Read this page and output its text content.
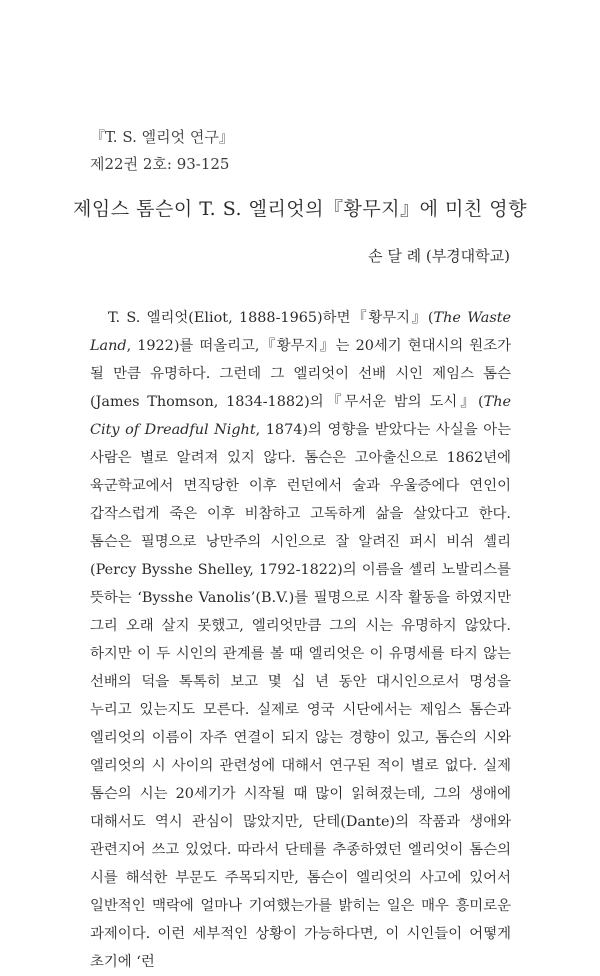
『T. S. 엘리엇 연구』
제22권 2호: 93-125
제임스 톰슨이 T. S. 엘리엇의『황무지』에 미친 영향
손 달 례 (부경대학교)

T. S. 엘리엇(Eliot, 1888-1965)하면『황무지』(The Waste Land, 1922)를 떠올리고,『황무지』는 20세기 현대시의 원조가 될 만큼 유명하다. 그런데 그 엘리엇이 선배 시인 제임스 톰슨(James Thomson, 1834-1882)의『무서운 밤의 도시』(The City of Dreadful Night, 1874)의 영향을 받았다는 사실을 아는 사람은 별로 알려져 있지 않다. 톰슨은 고아출신으로 1862년에 육군학교에서 면직당한 이후 런던에서 술과 우울증에다 연인이 갑작스럽게 죽은 이후 비참하고 고독하게 삶을 살았다고 한다. 톰슨은 필명으로 낭만주의 시인으로 잘 알려진 퍼시 비쉬 셸리(Percy Bysshe Shelley, 1792-1822)의 이름을 셸리 노발리스를 뜻하는 ‘Bysshe Vanolis’(B.V.)를 필명으로 시작 활동을 하였지만 그리 오래 살지 못했고, 엘리엇만큼 그의 시는 유명하지 않았다. 하지만 이 두 시인의 관계를 볼 때 엘리엇은 이 유명세를 타지 않는 선배의 덕을 톡톡히 보고 몇 십 년 동안 대시인으로서 명성을 누리고 있는지도 모른다. 실제로 영국 시단에서는 제임스 톰슨과 엘리엇의 이름이 자주 연결이 되지 않는 경향이 있고, 톰슨의 시와 엘리엇의 시 사이의 관련성에 대해서 연구된 적이 별로 없다. 실제 톰슨의 시는 20세기가 시작될 때 많이 읽혀졌는데, 그의 생애에 대해서도 역시 관심이 많았지만, 단테(Dante)의 작품과 생애와 관련지어 쓰고 있었다. 따라서 단테를 추종하였던 엘리엇이 톰슨의 시를 해석한 부문도 주목되지만, 톰슨이 엘리엇의 사고에 있어서 일반적인 맥락에 얼마나 기여했는가를 밝히는 일은 매우 흥미로운 과제이다. 이런 세부적인 상황이 가능하다면, 이 시인들이 어떻게 초기에 ‘런
